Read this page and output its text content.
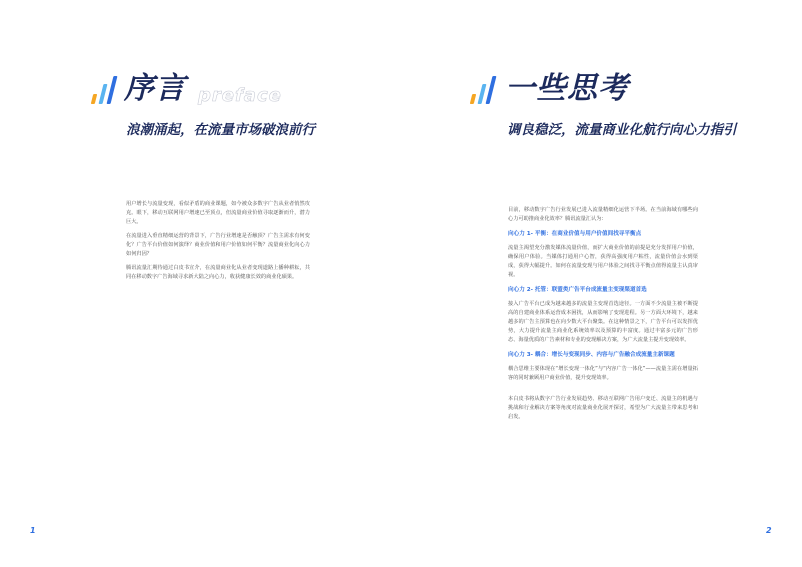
序言 preface
浪潮涌起，在流量市场破浪前行

用户增长与流量变现，看似矛盾的商业课题，如今被众多数字广告从业者悄然攻克。眼下，移动互联网用户增速已至顶点，但流量商业价值寻取逐渐而升，潜力巨大。

在流量进入垂直精细运营的背景下，广告行业增速是否触顶？广告主需求有何变化？广告平台价值如何演绎？商业价值和用户价值如何平衡？流量商业化向心力如何归因？

腾讯流量汇期待通过白皮书宣介，在流量商业化从业者变现道路上播种耕耘，共同在移动数字广告海域寻求新大陆之向心力，收获健康长效的商业化硕果。

1
一些思考
调良稳泛，流量商业化航行向心力指引

目前，移动数字广告行业发展已进入流量精细化运营下半场。在当前海域有哪些向心力可助推商业化效率？腾讯流量汇认为：

向心力 1- 平衡：在商业价值与用户价值间找寻平衡点

流量主渴望充分激发媒体流量价值，而扩大商业价值的前提是充分发挥用户价值，确保用户体验。当媒体打通用户心智，获得高强度用户粘性，流量价值会水到渠成，获得大幅提升。如何在流量变现与用户体验之间找寻平衡点值得流量主认真审视。

向心力 2- 托管：联盟类广告平台成流量主变现渠道首选

接入广告平台已成为越来越多的流量主变现首选途径。一方面不少流量主被不断提高的自建商业体系运营成本困扰，从而影响了变现进程。另一方面大环境下，越来越多的广告主预算也在向少数大平台聚集。在这种情景之下，广告平台可以发挥优势，大力提升流量主商业化系统效率以及预算的丰富度。通过丰富多元的广告形态、海量优质的广告素材和专业的变现解决方案，为广大流量主提升变现效率。

向心力 3- 耦合：增长与变现同步、内容与广告融合成流量主新课题

耦合思维主要体现在“增长变现一体化”与“内容广告一体化”——流量主需在增量拓客的同时兼顾用户商业价值，提升变现效率。

本白皮书将从数字广告行业发展趋势、移动互联网广告用户变迁、流量主的机遇与挑战和行业解决方案等角度对流量商业化展开探讨，希望为广大流量主带来思考和启发。

2
